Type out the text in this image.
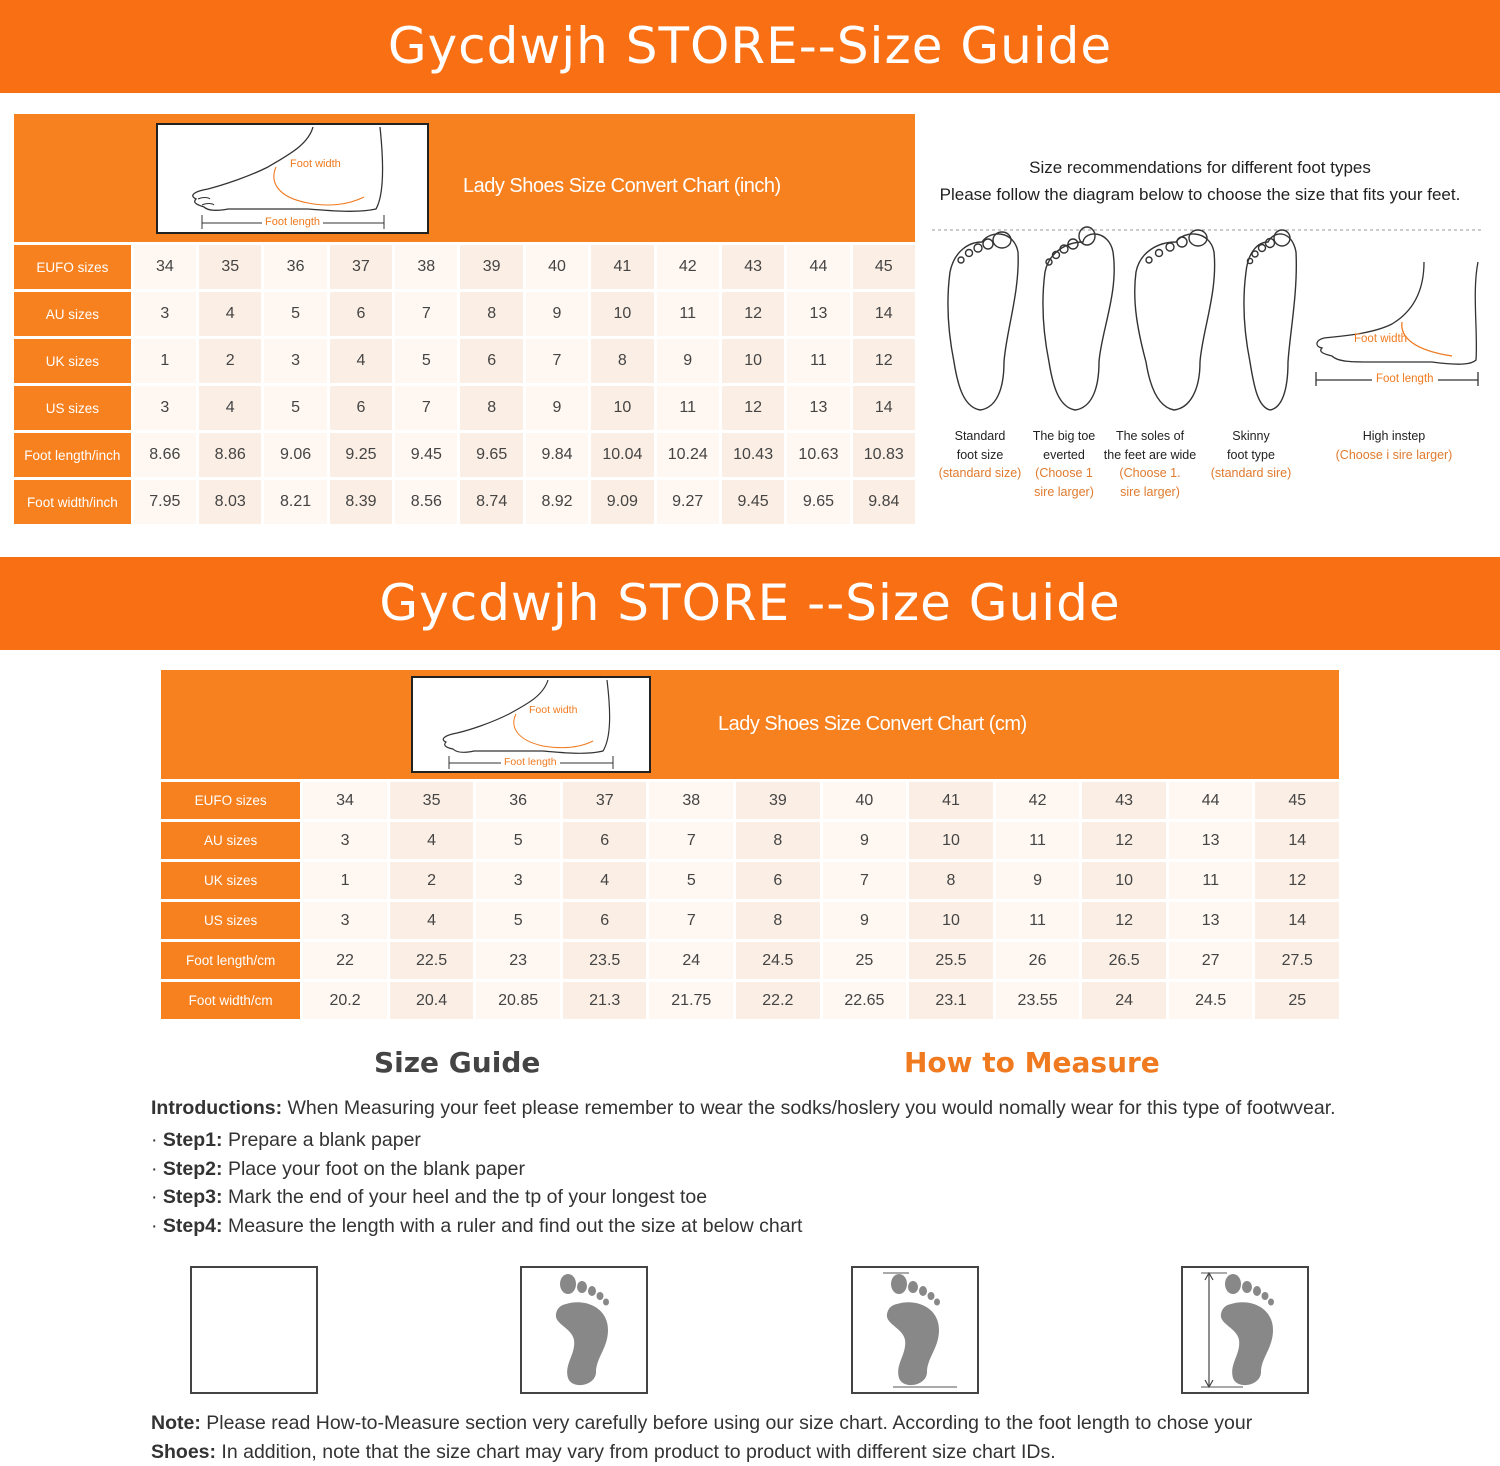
Gycdwjh STORE--Size Guide
Foot width
Foot length
Lady Shoes Size Convert Chart (inch)
EUFO sizes	34	35	36	37	38	39	40	41	42	43	44	45
AU sizes	3	4	5	6	7	8	9	10	11	12	13	14
UK sizes	1	2	3	4	5	6	7	8	9	10	11	12
US sizes	3	4	5	6	7	8	9	10	11	12	13	14
Foot length/inch	8.66	8.86	9.06	9.25	9.45	9.65	9.84	10.04	10.24	10.43	10.63	10.83
Foot width/inch	7.95	8.03	8.21	8.39	8.56	8.74	8.92	9.09	9.27	9.45	9.65	9.84
Size recommendations for different foot types
Please follow the diagram below to choose the size that fits your feet.
Foot width
Foot length
Standard
foot size
(standard size)
The big toe
everted
(Choose 1
sire larger)
The soles of
the feet are wide
(Choose 1.
sire larger)
Skinny
foot type
(standard sire)
High instep
(Choose i sire larger)
Gycdwjh STORE --Size Guide
Foot width
Foot length
Lady Shoes Size Convert Chart (cm)
EUFO sizes	34	35	36	37	38	39	40	41	42	43	44	45
AU sizes	3	4	5	6	7	8	9	10	11	12	13	14
UK sizes	1	2	3	4	5	6	7	8	9	10	11	12
US sizes	3	4	5	6	7	8	9	10	11	12	13	14
Foot length/cm	22	22.5	23	23.5	24	24.5	25	25.5	26	26.5	27	27.5
Foot width/cm	20.2	20.4	20.85	21.3	21.75	22.2	22.65	23.1	23.55	24	24.5	25
Size Guide	How to Measure
Introductions: When Measuring your feet please remember to wear the sodks/hoslery you would nomally wear for this type of footwvear.
· Step1: Prepare a blank paper
· Step2: Place your foot on the blank paper
· Step3: Mark the end of your heel and the tp of your longest toe
· Step4: Measure the length with a ruler and find out the size at below chart
Note: Please read How-to-Measure section very carefully before using our size chart. According to the foot length to chose your
Shoes: In addition, note that the size chart may vary from product to product with different size chart IDs.
